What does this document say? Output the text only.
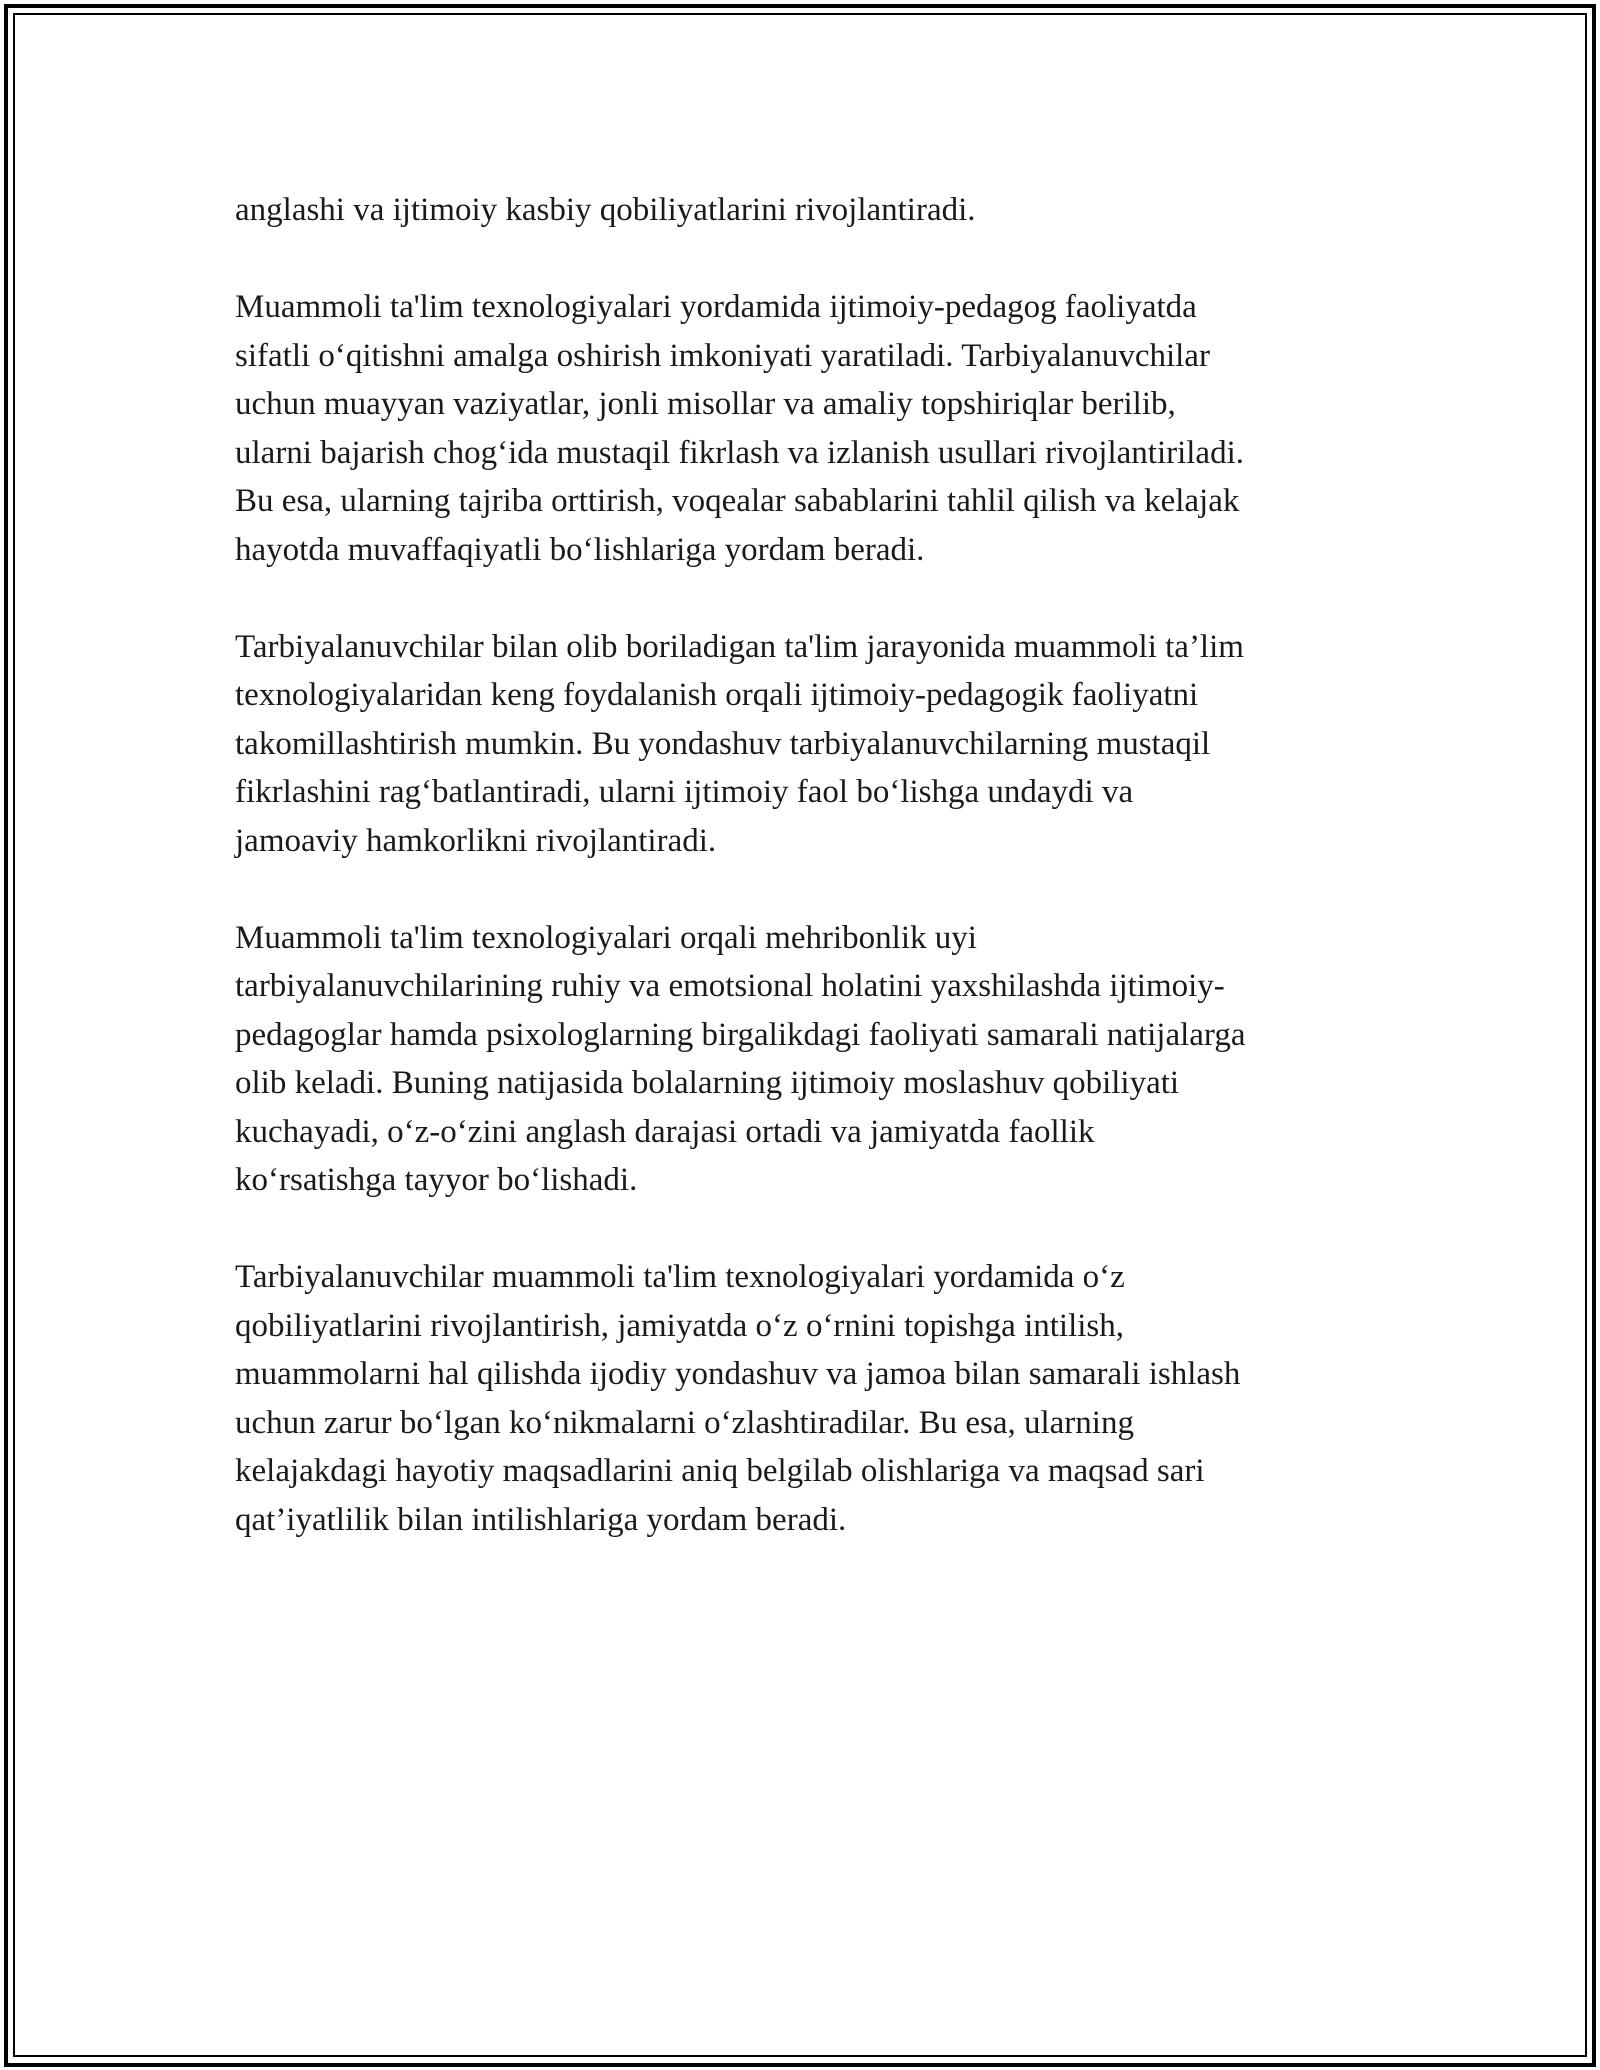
anglashi va ijtimoiy kasbiy qobiliyatlarini rivojlantiradi.

Muammoli ta'lim texnologiyalari yordamida ijtimoiy-pedagog faoliyatda
sifatli o‘qitishni amalga oshirish imkoniyati yaratiladi. Tarbiyalanuvchilar
uchun muayyan vaziyatlar, jonli misollar va amaliy topshiriqlar berilib,
ularni bajarish chog‘ida mustaqil fikrlash va izlanish usullari rivojlantiriladi.
Bu esa, ularning tajriba orttirish, voqealar sabablarini tahlil qilish va kelajak
hayotda muvaffaqiyatli bo‘lishlariga yordam beradi.

Tarbiyalanuvchilar bilan olib boriladigan ta'lim jarayonida muammoli ta’lim
texnologiyalaridan keng foydalanish orqali ijtimoiy-pedagogik faoliyatni
takomillashtirish mumkin. Bu yondashuv tarbiyalanuvchilarning mustaqil
fikrlashini rag‘batlantiradi, ularni ijtimoiy faol bo‘lishga undaydi va
jamoaviy hamkorlikni rivojlantiradi.

Muammoli ta'lim texnologiyalari orqali mehribonlik uyi
tarbiyalanuvchilarining ruhiy va emotsional holatini yaxshilashda ijtimoiy-
pedagoglar hamda psixologlarning birgalikdagi faoliyati samarali natijalarga
olib keladi. Buning natijasida bolalarning ijtimoiy moslashuv qobiliyati
kuchayadi, o‘z-o‘zini anglash darajasi ortadi va jamiyatda faollik
ko‘rsatishga tayyor bo‘lishadi.

Tarbiyalanuvchilar muammoli ta'lim texnologiyalari yordamida o‘z
qobiliyatlarini rivojlantirish, jamiyatda o‘z o‘rnini topishga intilish,
muammolarni hal qilishda ijodiy yondashuv va jamoa bilan samarali ishlash
uchun zarur bo‘lgan ko‘nikmalarni o‘zlashtiradilar. Bu esa, ularning
kelajakdagi hayotiy maqsadlarini aniq belgilab olishlariga va maqsad sari
qat’iyatlilik bilan intilishlariga yordam beradi.
